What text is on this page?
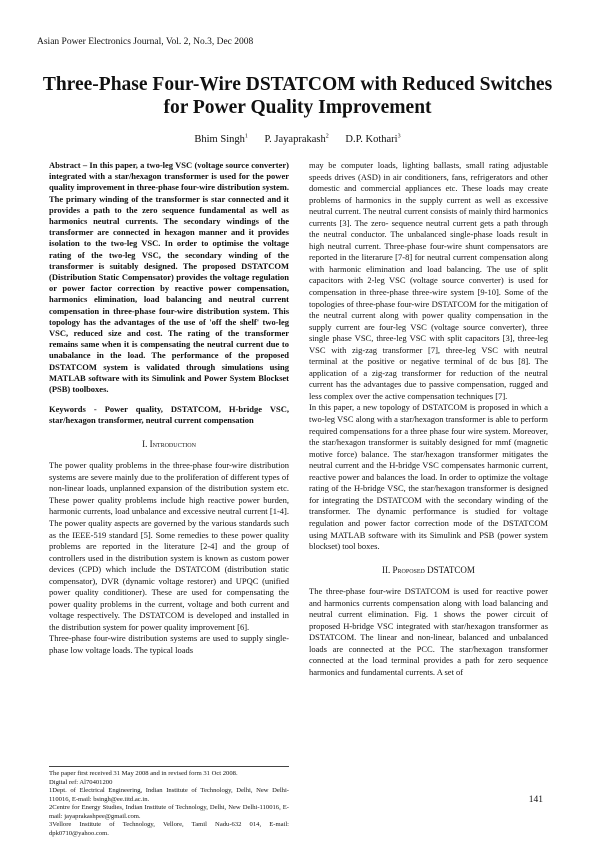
Asian Power Electronics Journal, Vol. 2, No.3, Dec 2008
Three-Phase Four-Wire DSTATCOM with Reduced Switches for Power Quality Improvement
Bhim Singh$^1$ P. Jayaprakash$^2$ D.P. Kothari$^3$

Abstract – In this paper, a two-leg VSC (voltage source converter) integrated with a star/hexagon transformer is used for the power quality improvement in three-phase four-wire distribution system. The primary winding of the transformer is star connected and it provides a path to the zero sequence fundamental as well as harmonics neutral currents. The secondary windings of the transformer are connected in hexagon manner and it provides isolation to the two-leg VSC. In order to optimise the voltage rating of the two-leg VSC, the secondary winding of the transformer is suitably designed. The proposed DSTATCOM (Distribution Static Compensator) provides the voltage regulation or power factor correction by reactive power compensation, harmonics elimination, load balancing and neutral current compensation in three-phase four-wire distribution system. This topology has the advantages of the use of 'off the shelf' two-leg VSC, reduced size and cost. The rating of the transformer remains same when it is compensating the neutral current due to unabalance in the load. The performance of the proposed DSTATCOM system is validated through simulations using MATLAB software with its Simulink and Power System Blockset (PSB) toolboxes.

Keywords - Power quality, DSTATCOM, H-bridge VSC, star/hexagon transformer, neutral current compensation

I. Introduction

The power quality problems in the three-phase four-wire distribution systems are severe mainly due to the proliferation of different types of non-linear loads, unplanned expansion of the distribution system etc. These power quality problems include high reactive power burden, harmonic currents, load unbalance and excessive neutral current [1-4]. The power quality aspects are governed by the various standards such as the IEEE-519 standard [5]. Some remedies to these power quality problems are reported in the literature [2-4] and the group of controllers used in the distribution system is known as custom power devices (CPD) which include the DSTATCOM (distribution static compensator), DVR (dynamic voltage restorer) and UPQC (unified power quality conditioner). These are used for compensating the power quality problems in the current, voltage and both current and voltage respectively. The DSTATCOM is developed and installed in the distribution system for power quality improvement [6].

Three-phase four-wire distribution systems are used to supply single-phase low voltage loads. The typical loads

may be computer loads, lighting ballasts, small rating adjustable speeds drives (ASD) in air conditioners, fans, refrigerators and other domestic and commercial appliances etc. These loads may create problems of harmonics in the supply current as well as excessive neutral current. The neutral current consists of mainly third harmonics currents [3]. The zero- sequence neutral current gets a path through the neutral conductor. The unbalanced single-phase loads result in high neutral current. Three-phase four-wire shunt compensators are reported in the literarure [7-8] for neutral current compensation along with harmonic elimination and load balancing. The use of split capacitors with 2-leg VSC (voltage source converter) is used for compensation in three-phase three-wire system [9-10]. Some of the topologies of three-phase four-wire DSTATCOM for the mitigation of the neutral current along with power quality compensation in the supply current are four-leg VSC (voltage source converter), three single phase VSC, three-leg VSC with split capacitors [3], three-leg VSC with zig-zag transformer [7], three-leg VSC with neutral terminal at the positive or negative terminal of dc bus [8]. The application of a zig-zag transformer for reduction of the neutral current has the advantages due to passive compensation, rugged and less complex over the active compensation techniques [7].

In this paper, a new topology of DSTATCOM is proposed in which a two-leg VSC along with a star/hexagon transformer is able to perform required compensations for a three phase four wire system. Moreover, the star/hexagon transformer is suitably designed for mmf (magnetic motive force) balance. The star/hexagon transformer mitigates the neutral current and the H-bridge VSC compensates harmonic current, reactive power and balances the load. In order to optimize the voltage rating of the H-bridge VSC, the star/hexagon transformer is designed for integrating the DSTATCOM with the secondary winding of the transformer. The dynamic performance is studied for voltage regulation and power factor correction mode of the DSTATCOM using MATLAB software with its Simulink and PSB (power system blockset) tool boxes.

II. Proposed DSTATCOM

The three-phase four-wire DSTATCOM is used for reactive power and harmonics currents compensation along with load balancing and neutral current elimination. Fig. 1 shows the power circuit of proposed H-bridge VSC integrated with star/hexagon transformer as DSTATCOM. The linear and non-linear, balanced and unbalanced loads are connected at the PCC. The star/hexagon transformer connected at the load terminal provides a path for zero sequence harmonics and fundamental currents. A set of

The paper first received 31 May 2008 and in revised form 31 Oct 2008.

Digital ref: Al70401200

1Dept. of Electrical Engineering, Indian Institute of Technology, Delhi, New Delhi-110016, E-mail: bsingh@ee.iitd.ac.in.

2Centre for Energy Studies, Indian Institute of Technology, Delhi, New Delhi-110016, E-mail: jayaprakashpee@gmail.com.

3Vellore Institute of Technology, Vellore, Tamil Nadu-632 014, E-mail: dpk0710@yahoo.com.

141
